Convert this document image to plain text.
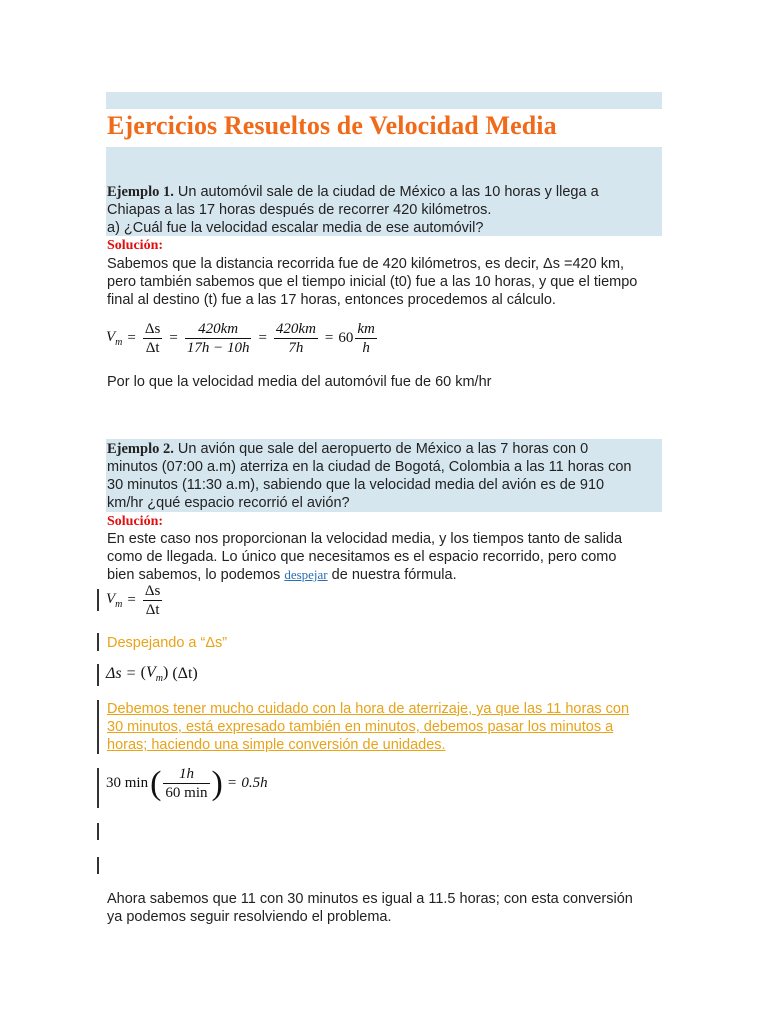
Ejercicios Resueltos de Velocidad Media

Ejemplo 1. Un automóvil sale de la ciudad de México a las 10 horas y llega a
Chiapas a las 17 horas después de recorrer 420 kilómetros.
a) ¿Cuál fue la velocidad escalar media de ese automóvil?

Solución:

Sabemos que la distancia recorrida fue de 420 kilómetros, es decir, Δs =420 km,
pero también sabemos que el tiempo inicial (t0) fue a las 10 horas, y que el tiempo
final al destino (t) fue a las 17 horas, entonces procedemos al cálculo.

$V_m = \frac{\Delta s}{\Delta t} = \frac{420km}{17h - 10h} = \frac{420km}{7h} = 60 \frac{km}{h}$

Por lo que la velocidad media del automóvil fue de 60 km/hr

Ejemplo 2. Un avión que sale del aeropuerto de México a las 7 horas con 0
minutos (07:00 a.m) aterriza en la ciudad de Bogotá, Colombia a las 11 horas con
30 minutos (11:30 a.m), sabiendo que la velocidad media del avión es de 910
km/hr ¿qué espacio recorrió el avión?

Solución:

En este caso nos proporcionan la velocidad media, y los tiempos tanto de salida
como de llegada. Lo único que necesitamos es el espacio recorrido, pero como
bien sabemos, lo podemos despejar de nuestra fórmula.

$V_m = \frac{\Delta s}{\Delta t}$

Despejando a “Δs”

$\Delta s = (V_m)$ (Δt)

Debemos tener mucho cuidado con la hora de aterrizaje, ya que las 11 horas con
30 minutos, está expresado también en minutos, debemos pasar los minutos a
horas; haciendo una simple conversión de unidades.

30 min ( $\frac{1h}{60 \min}$ ) = 0.5h

Ahora sabemos que 11 con 30 minutos es igual a 11.5 horas; con esta conversión
ya podemos seguir resolviendo el problema.
